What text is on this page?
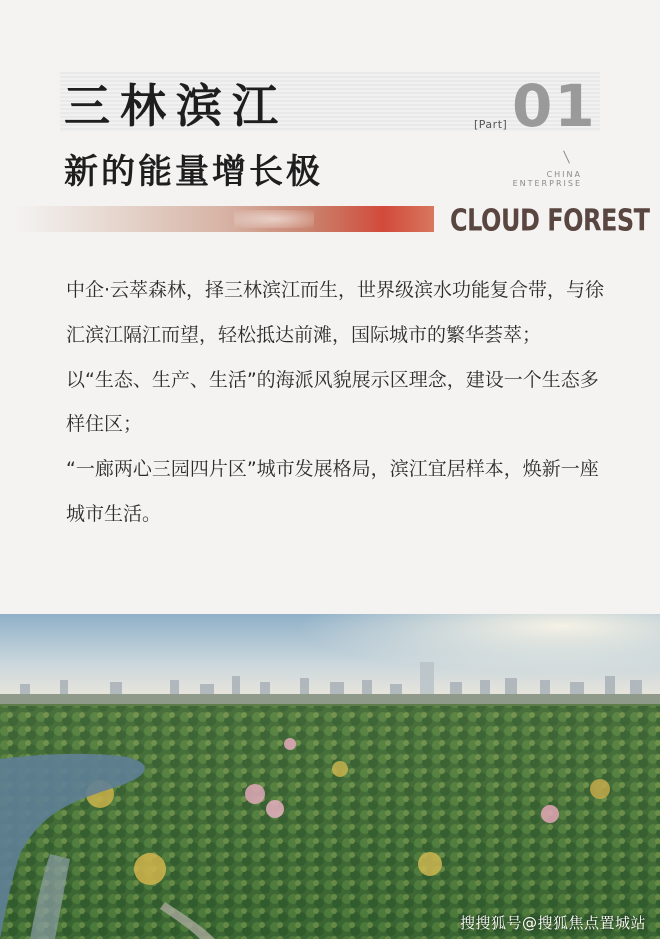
三林滨江	01
[Part]
CHINA
ENTERPRISE
新的能量增长极
CLOUD FOREST

中企·云萃森林，择三林滨江而生，世界级滨水功能复合带，与徐汇滨江隔江而望，轻松抵达前滩，国际城市的繁华荟萃；

以“生态、生产、生活”的海派风貌展示区理念，建设一个生态多样住区；

“一廊两心三园四片区”城市发展格局，滨江宜居样本，焕新一座城市生活。

搜搜狐号@搜狐焦点置城站
